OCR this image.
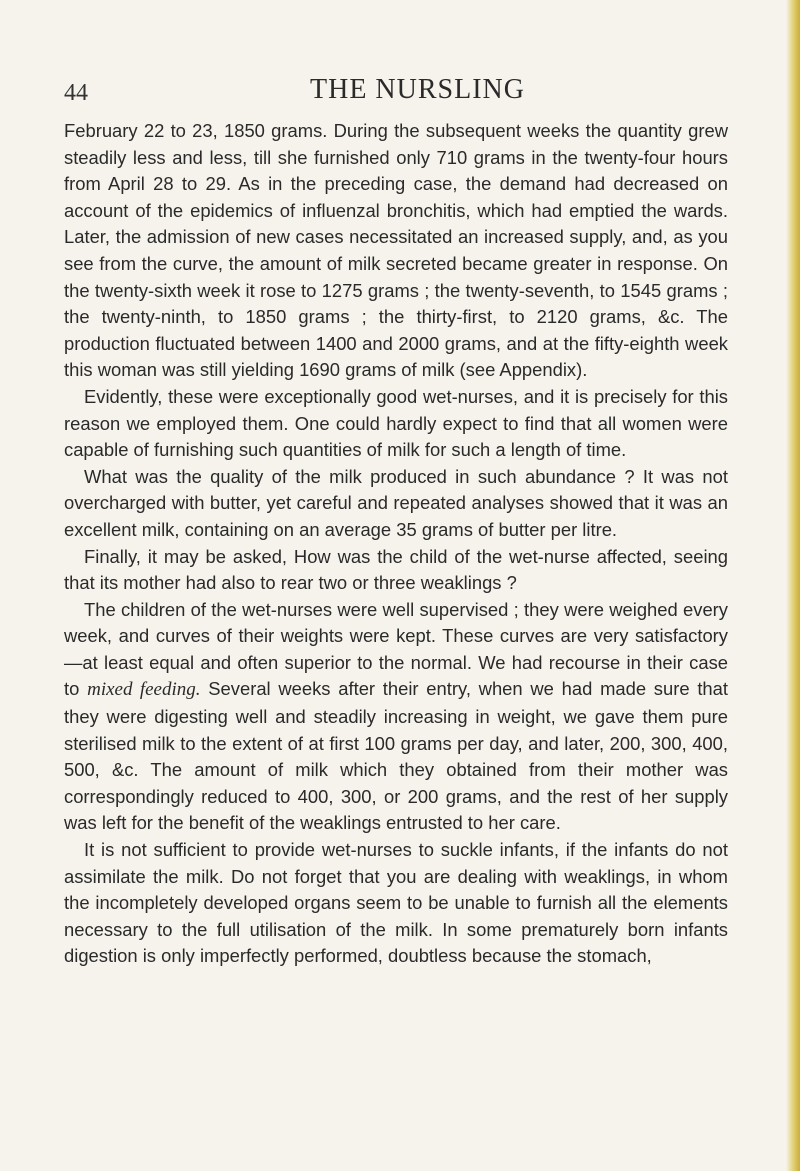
44	THE NURSLING

February 22 to 23, 1850 grams. During the subsequent weeks the quantity grew steadily less and less, till she furnished only 710 grams in the twenty-four hours from April 28 to 29. As in the preceding case, the demand had decreased on account of the epidemics of influenzal bronchitis, which had emptied the wards. Later, the admission of new cases necessitated an increased supply, and, as you see from the curve, the amount of milk secreted became greater in response. On the twenty-sixth week it rose to 1275 grams ; the twenty-seventh, to 1545 grams ; the twenty-ninth, to 1850 grams ; the thirty-first, to 2120 grams, &c. The production fluctuated between 1400 and 2000 grams, and at the fifty-eighth week this woman was still yielding 1690 grams of milk (see Appendix).

Evidently, these were exceptionally good wet-nurses, and it is precisely for this reason we employed them. One could hardly expect to find that all women were capable of furnishing such quantities of milk for such a length of time.

What was the quality of the milk produced in such abundance ? It was not overcharged with butter, yet careful and repeated analyses showed that it was an excellent milk, containing on an average 35 grams of butter per litre.

Finally, it may be asked, How was the child of the wet-nurse affected, seeing that its mother had also to rear two or three weaklings ?

The children of the wet-nurses were well supervised ; they were weighed every week, and curves of their weights were kept. These curves are very satisfactory—at least equal and often superior to the normal. We had recourse in their case to mixed feeding. Several weeks after their entry, when we had made sure that they were digesting well and steadily increasing in weight, we gave them pure sterilised milk to the extent of at first 100 grams per day, and later, 200, 300, 400, 500, &c. The amount of milk which they obtained from their mother was correspondingly reduced to 400, 300, or 200 grams, and the rest of her supply was left for the benefit of the weaklings entrusted to her care.

It is not sufficient to provide wet-nurses to suckle infants, if the infants do not assimilate the milk. Do not forget that you are dealing with weaklings, in whom the incompletely developed organs seem to be unable to furnish all the elements necessary to the full utilisation of the milk. In some prematurely born infants digestion is only imperfectly performed, doubtless because the stomach,
